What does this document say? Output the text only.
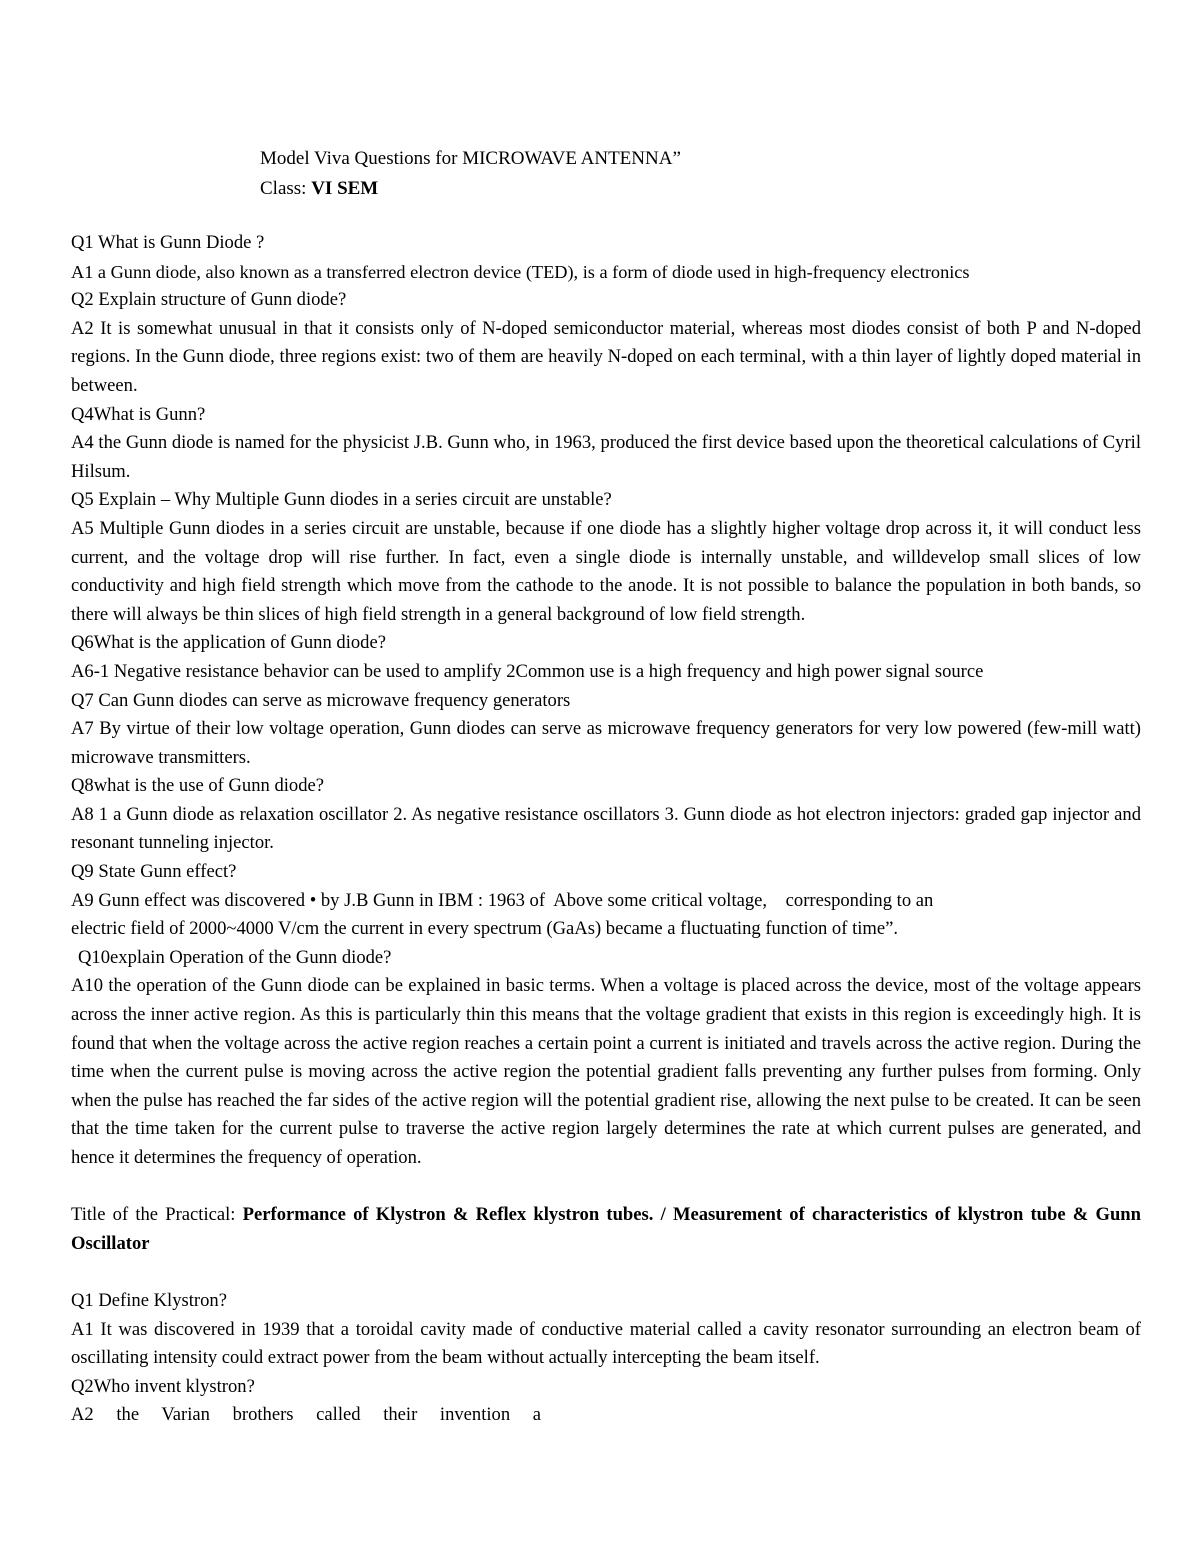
Model Viva Questions for MICROWAVE ANTENNA”
Class: VI SEM

Q1 What is Gunn Diode ?

A1 a Gunn diode, also known as a transferred electron device (TED), is a form of diode used in high-frequency electronics

Q2 Explain structure of Gunn diode?

A2 It is somewhat unusual in that it consists only of N-doped semiconductor material, whereas most diodes consist of both P and N-doped regions. In the Gunn diode, three regions exist: two of them are heavily N-doped on each terminal, with a thin layer of lightly doped material in between.

Q4What is Gunn?

A4 the Gunn diode is named for the physicist J.B. Gunn who, in 1963, produced the first device based upon the theoretical calculations of Cyril Hilsum.

Q5 Explain – Why Multiple Gunn diodes in a series circuit are unstable?

A5 Multiple Gunn diodes in a series circuit are unstable, because if one diode has a slightly higher voltage drop across it, it will conduct less current, and the voltage drop will rise further. In fact, even a single diode is internally unstable, and willdevelop small slices of low conductivity and high field strength which move from the cathode to the anode. It is not possible to balance the population in both bands, so there will always be thin slices of high field strength in a general background of low field strength.

Q6What is the application of Gunn diode?

A6-1 Negative resistance behavior can be used to amplify 2Common use is a high frequency and high power signal source

Q7 Can Gunn diodes can serve as microwave frequency generators

A7 By virtue of their low voltage operation, Gunn diodes can serve as microwave frequency generators for very low powered (few-mill watt) microwave transmitters.

Q8what is the use of Gunn diode?

A8 1 a Gunn diode as relaxation oscillator 2. As negative resistance oscillators 3. Gunn diode as hot electron injectors: graded gap injector and resonant tunneling injector.

Q9 State Gunn effect?

A9 Gunn effect was discovered • by J.B Gunn in IBM : 1963 of  Above some critical voltage,    corresponding to an

electric field of 2000~4000 V/cm the current in every spectrum (GaAs) became a fluctuating function of time”.

Q10explain Operation of the Gunn diode?

A10 the operation of the Gunn diode can be explained in basic terms. When a voltage is placed across the device, most of the voltage appears across the inner active region. As this is particularly thin this means that the voltage gradient that exists in this region is exceedingly high. It is found that when the voltage across the active region reaches a certain point a current is initiated and travels across the active region. During the time when the current pulse is moving across the active region the potential gradient falls preventing any further pulses from forming. Only when the pulse has reached the far sides of the active region will the potential gradient rise, allowing the next pulse to be created. It can be seen that the time taken for the current pulse to traverse the active region largely determines the rate at which current pulses are generated, and hence it determines the frequency of operation.

Title of the Practical: Performance of Klystron & Reflex klystron tubes. / Measurement of characteristics of klystron tube & Gunn Oscillator

Q1 Define Klystron?

A1 It was discovered in 1939 that a toroidal cavity made of conductive material called a cavity resonator surrounding an electron beam of oscillating intensity could extract power from the beam without actually intercepting the beam itself.

Q2Who invent klystron?

A2 the Varian brothers called their invention a
